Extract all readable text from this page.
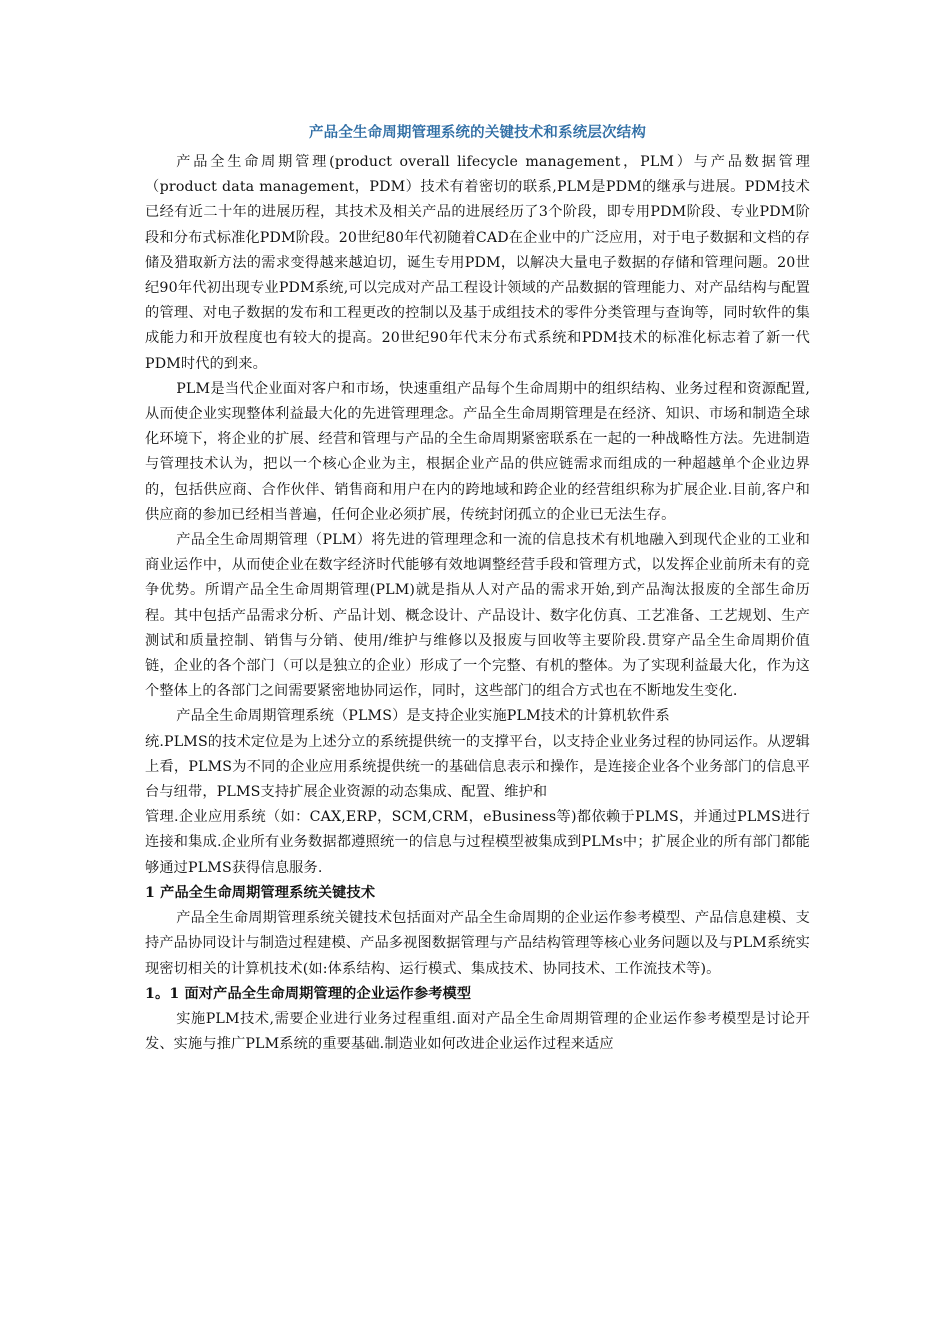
产品全生命周期管理系统的关键技术和系统层次结构

产品全生命周期管理(product overall lifecycle management，PLM）与产品数据管理（product data management，PDM）技术有着密切的联系,PLM是PDM的继承与进展。PDM技术已经有近二十年的进展历程，其技术及相关产品的进展经历了3个阶段，即专用PDM阶段、专业PDM阶段和分布式标准化PDM阶段。20世纪80年代初随着CAD在企业中的广泛应用，对于电子数据和文档的存储及猎取新方法的需求变得越来越迫切，诞生专用PDM，以解决大量电子数据的存储和管理问题。20世纪90年代初出现专业PDM系统,可以完成对产品工程设计领域的产品数据的管理能力、对产品结构与配置的管理、对电子数据的发布和工程更改的控制以及基于成组技术的零件分类管理与查询等，同时软件的集成能力和开放程度也有较大的提高。20世纪90年代末分布式系统和PDM技术的标准化标志着了新一代PDM时代的到来。

PLM是当代企业面对客户和市场，快速重组产品每个生命周期中的组织结构、业务过程和资源配置,从而使企业实现整体利益最大化的先进管理理念。产品全生命周期管理是在经济、知识、市场和制造全球化环境下，将企业的扩展、经营和管理与产品的全生命周期紧密联系在一起的一种战略性方法。先进制造与管理技术认为，把以一个核心企业为主，根据企业产品的供应链需求而组成的一种超越单个企业边界的，包括供应商、合作伙伴、销售商和用户在内的跨地域和跨企业的经营组织称为扩展企业.目前,客户和供应商的参加已经相当普遍，任何企业必须扩展，传统封闭孤立的企业已无法生存。

产品全生命周期管理（PLM）将先进的管理理念和一流的信息技术有机地融入到现代企业的工业和商业运作中，从而使企业在数字经济时代能够有效地调整经营手段和管理方式，以发挥企业前所未有的竞争优势。所谓产品全生命周期管理(PLM)就是指从人对产品的需求开始,到产品淘汰报废的全部生命历程。其中包括产品需求分析、产品计划、概念设计、产品设计、数字化仿真、工艺准备、工艺规划、生产测试和质量控制、销售与分销、使用/维护与维修以及报废与回收等主要阶段.贯穿产品全生命周期价值链，企业的各个部门（可以是独立的企业）形成了一个完整、有机的整体。为了实现利益最大化，作为这个整体上的各部门之间需要紧密地协同运作，同时，这些部门的组合方式也在不断地发生变化.

产品全生命周期管理系统（PLMS）是支持企业实施PLM技术的计算机软件系

统.PLMS的技术定位是为上述分立的系统提供统一的支撑平台，以支持企业业务过程的协同运作。从逻辑上看，PLMS为不同的企业应用系统提供统一的基础信息表示和操作，是连接企业各个业务部门的信息平台与纽带，PLMS支持扩展企业资源的动态集成、配置、维护和

管理.企业应用系统（如：CAX,ERP，SCM,CRM，eBusiness等)都依赖于PLMS，并通过PLMS进行连接和集成.企业所有业务数据都遵照统一的信息与过程模型被集成到PLMs中；扩展企业的所有部门都能够通过PLMS获得信息服务.

1 产品全生命周期管理系统关键技术

产品全生命周期管理系统关键技术包括面对产品全生命周期的企业运作参考模型、产品信息建模、支持产品协同设计与制造过程建模、产品多视图数据管理与产品结构管理等核心业务问题以及与PLM系统实现密切相关的计算机技术(如:体系结构、运行模式、集成技术、协同技术、工作流技术等)。

1。1 面对产品全生命周期管理的企业运作参考模型

实施PLM技术,需要企业进行业务过程重组.面对产品全生命周期管理的企业运作参考模型是讨论开发、实施与推广PLM系统的重要基础.制造业如何改进企业运作过程来适应
